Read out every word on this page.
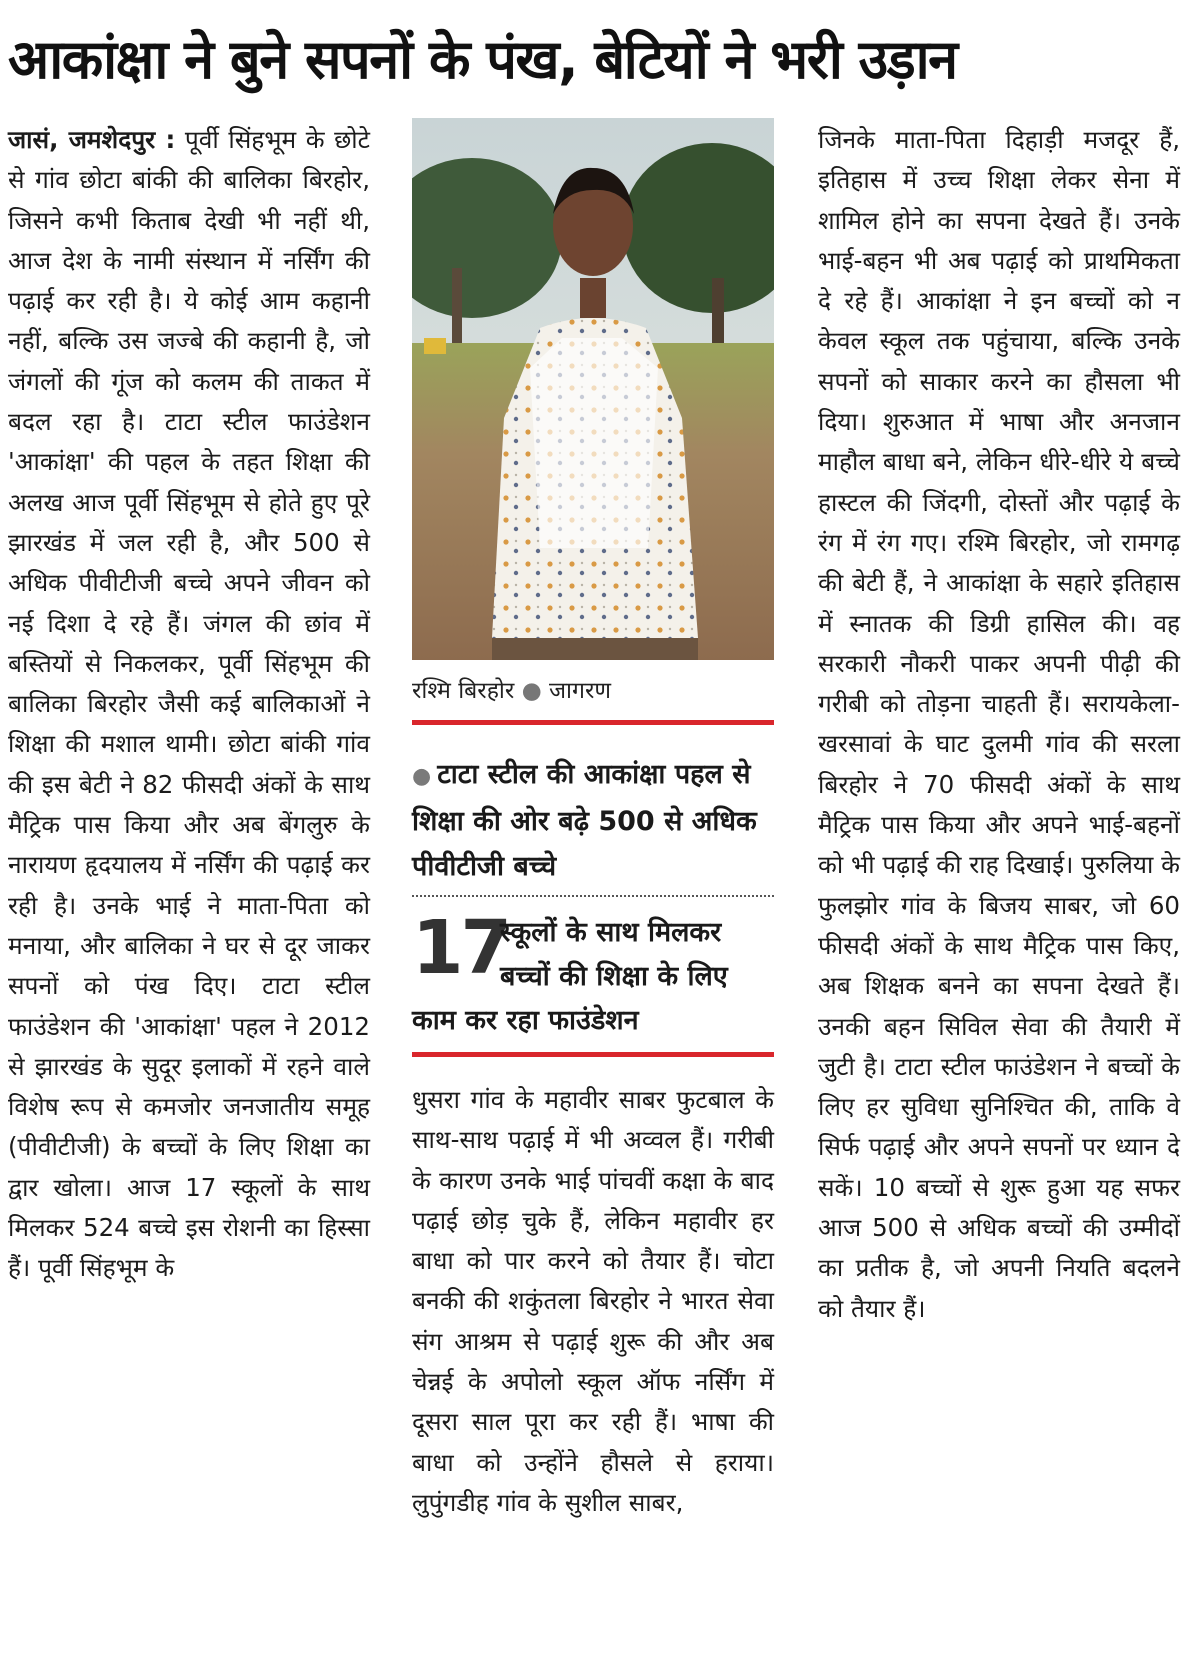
आकांक्षा ने बुने सपनों के पंख, बेटियों ने भरी उड़ान

जासं, जमशेदपुर : पूर्वी सिंहभूम के छोटे से गांव छोटा बांकी की बालिका बिरहोर, जिसने कभी किताब देखी भी नहीं थी, आज देश के नामी संस्थान में नर्सिंग की पढ़ाई कर रही है। ये कोई आम कहानी नहीं, बल्कि उस जज्बे की कहानी है, जो जंगलों की गूंज को कलम की ताकत में बदल रहा है। टाटा स्टील फाउंडेशन 'आकांक्षा' की पहल के तहत शिक्षा की अलख आज पूर्वी सिंहभूम से होते हुए पूरे झारखंड में जल रही है, और 500 से अधिक पीवीटीजी बच्चे अपने जीवन को नई दिशा दे रहे हैं। जंगल की छांव में बस्तियों से निकलकर, पूर्वी सिंहभूम की बालिका बिरहोर जैसी कई बालिकाओं ने शिक्षा की मशाल थामी। छोटा बांकी गांव की इस बेटी ने 82 फीसदी अंकों के साथ मैट्रिक पास किया और अब बेंगलुरु के नारायण हृदयालय में नर्सिंग की पढ़ाई कर रही है। उनके भाई ने माता-पिता को मनाया, और बालिका ने घर से दूर जाकर सपनों को पंख दिए। टाटा स्टील फाउंडेशन की 'आकांक्षा' पहल ने 2012 से झारखंड के सुदूर इलाकों में रहने वाले विशेष रूप से कमजोर जनजातीय समूह (पीवीटीजी) के बच्चों के लिए शिक्षा का द्वार खोला। आज 17 स्कूलों के साथ मिलकर 524 बच्चे इस रोशनी का हिस्सा हैं। पूर्वी सिंहभूम के

रश्मि बिरहोर ● जागरण
● टाटा स्टील की आकांक्षा पहल से शिक्षा की ओर बढ़े 500 से अधिक पीवीटीजी बच्चे
17
स्कूलों के साथ मिलकर बच्चों की शिक्षा के लिए
काम कर रहा फाउंडेशन

धुसरा गांव के महावीर साबर फुटबाल के साथ-साथ पढ़ाई में भी अव्वल हैं। गरीबी के कारण उनके भाई पांचवीं कक्षा के बाद पढ़ाई छोड़ चुके हैं, लेकिन महावीर हर बाधा को पार करने को तैयार हैं। चोटा बनकी की शकुंतला बिरहोर ने भारत सेवा संग आश्रम से पढ़ाई शुरू की और अब चेन्नई के अपोलो स्कूल ऑफ नर्सिंग में दूसरा साल पूरा कर रही हैं। भाषा की बाधा को उन्होंने हौसले से हराया। लुपुंगडीह गांव के सुशील साबर,

जिनके माता-पिता दिहाड़ी मजदूर हैं, इतिहास में उच्च शिक्षा लेकर सेना में शामिल होने का सपना देखते हैं। उनके भाई-बहन भी अब पढ़ाई को प्राथमिकता दे रहे हैं। आकांक्षा ने इन बच्चों को न केवल स्कूल तक पहुंचाया, बल्कि उनके सपनों को साकार करने का हौसला भी दिया। शुरुआत में भाषा और अनजान माहौल बाधा बने, लेकिन धीरे-धीरे ये बच्चे हास्टल की जिंदगी, दोस्तों और पढ़ाई के रंग में रंग गए। रश्मि बिरहोर, जो रामगढ़ की बेटी हैं, ने आकांक्षा के सहारे इतिहास में स्नातक की डिग्री हासिल की। वह सरकारी नौकरी पाकर अपनी पीढ़ी की गरीबी को तोड़ना चाहती हैं। सरायकेला-खरसावां के घाट दुलमी गांव की सरला बिरहोर ने 70 फीसदी अंकों के साथ मैट्रिक पास किया और अपने भाई-बहनों को भी पढ़ाई की राह दिखाई। पुरुलिया के फुलझोर गांव के बिजय साबर, जो 60 फीसदी अंकों के साथ मैट्रिक पास किए, अब शिक्षक बनने का सपना देखते हैं। उनकी बहन सिविल सेवा की तैयारी में जुटी है। टाटा स्टील फाउंडेशन ने बच्चों के लिए हर सुविधा सुनिश्चित की, ताकि वे सिर्फ पढ़ाई और अपने सपनों पर ध्यान दे सकें। 10 बच्चों से शुरू हुआ यह सफर आज 500 से अधिक बच्चों की उम्मीदों का प्रतीक है, जो अपनी नियति बदलने को तैयार हैं।
